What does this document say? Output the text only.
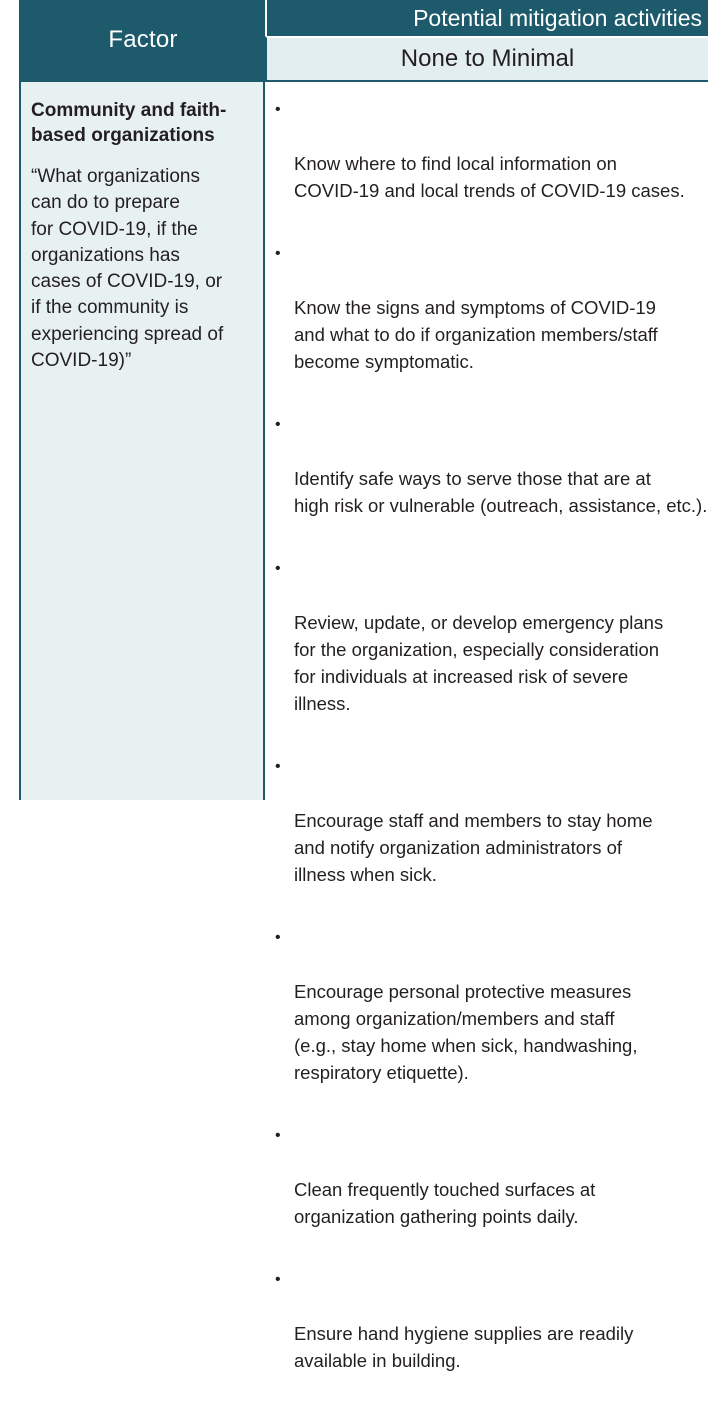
Factor
Potential mitigation activities
None to Minimal

Community and faith-
based organizations

“What organizations
can do to prepare
for COVID-19, if the
organizations has
cases of COVID-19, or
if the community is
experiencing spread of
COVID-19)”

•

Know where to find local information on
COVID-19 and local trends of COVID-19 cases.

•

Know the signs and symptoms of COVID-19
and what to do if organization members/staff
become symptomatic.

•

Identify safe ways to serve those that are at
high risk or vulnerable (outreach, assistance, etc.).

•

Review, update, or develop emergency plans
for the organization, especially consideration
for individuals at increased risk of severe
illness.

•

Encourage staff and members to stay home
and notify organization administrators of
illness when sick.

•

Encourage personal protective measures
among organization/members and staff
(e.g., stay home when sick, handwashing,
respiratory etiquette).

•

Clean frequently touched surfaces at
organization gathering points daily.

•

Ensure hand hygiene supplies are readily
available in building.
